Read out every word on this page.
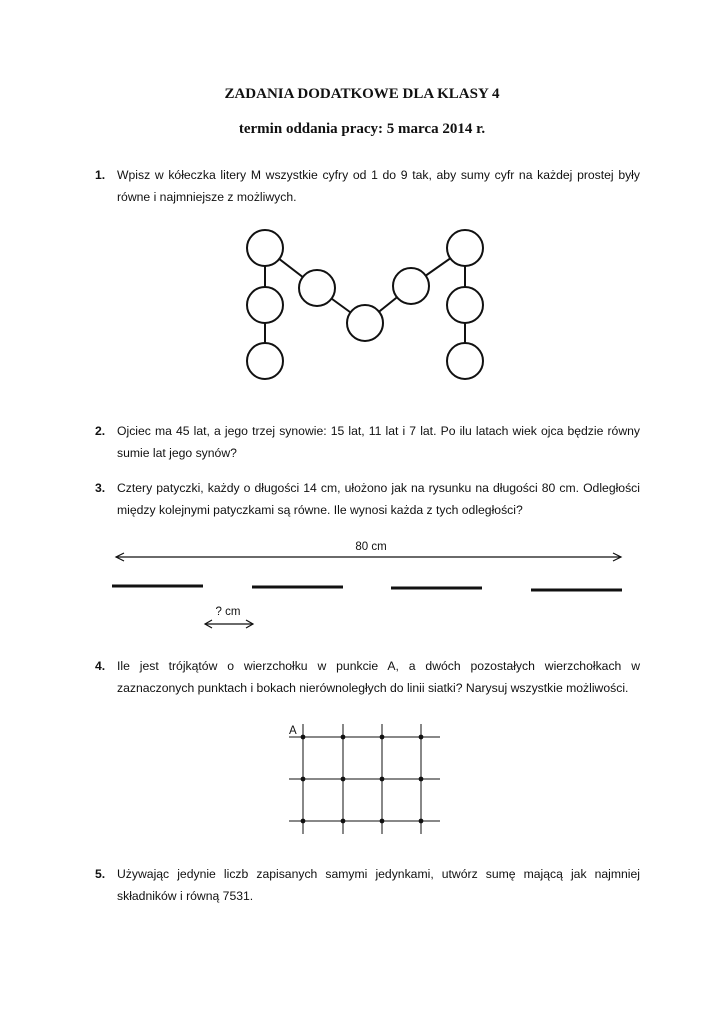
ZADANIA DODATKOWE DLA KLASY 4
termin oddania pracy: 5 marca 2014 r.
1. Wpisz w kółeczka litery M wszystkie cyfry od 1 do 9 tak, aby sumy cyfr na każdej prostej były równe i najmniejsze z możliwych.
2. Ojciec ma 45 lat, a jego trzej synowie: 15 lat, 11 lat i 7 lat. Po ilu latach wiek ojca będzie równy sumie lat jego synów?
3. Cztery patyczki, każdy o długości 14 cm, ułożono jak na rysunku na długości 80 cm. Odległości między kolejnymi patyczkami są równe. Ile wynosi każda z tych odległości?
80 cm
? cm
4. Ile jest trójkątów o wierzchołku w punkcie A, a dwóch pozostałych wierzchołkach w zaznaczonych punktach i bokach nierównoległych do linii siatki? Narysuj wszystkie możliwości.
A
5. Używając jedynie liczb zapisanych samymi jedynkami, utwórz sumę mającą jak najmniej składników i równą 7531.
